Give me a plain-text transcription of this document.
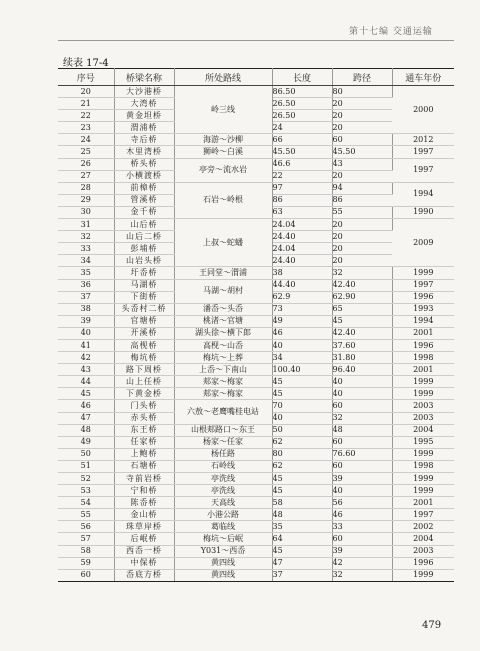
第十七编 交通运输
续表 17-4
序号	桥梁名称	所处路线	长度	跨径	通车年份
20	大沙港桥	岭三线	86.50	80	2000
21	大湾桥		26.50	20	
22	黄金坦桥		26.50	20	
23	渭浦桥		24	20	
24	寺后桥	海游～沙柳	66	60	2012
25	木里湾桥	狮岭～白溪	45.50	45.50	1997
26	桥头桥	亭旁～流水岩	46.6	43	1997
27	小横渡桥		22	20	
28	前樟桥	石岩～岭根	97	94	1994
29	管溪桥		86	86	
30	金千桥		63	55	1990
31	山后桥	上叔～蛇蟠	24.04	20	2009
32	山后二桥		24.40	20	
33	彭埔桥		24.04	20	
34	山岩头桥		24.40	20	
35	圩岙桥	王同堂～渭浦	38	32	1999
36	马湖桥	马湖～胡村	44.40	42.40	1997
37	下街桥		62.9	62.90	1996
38	头岙村二桥	潘岙～头岙	73	65	1993
39	官塘桥	桃渚～官塘	49	45	1994
40	开溪桥	湖头徐～横下郎	46	42.40	2001
41	高枧桥	高枧～山岙	40	37.60	1996
42	梅坑桥	梅坑～上葬	34	31.80	1998
43	路下周桥	上岙～下南山	100.40	96.40	2001
44	山上任桥	郏家～梅家	45	40	1999
45	下黄金桥	郏家～梅家	45	40	1999
46	门头桥	六敖～老鹰嘴桂电站	70	60	2003
47	赤头桥		40	32	2003
48	东王桥	山根郏路口～东王	50	48	2004
49	任家桥	杨家～任家	62	60	1995
50	上鲍桥	杨任路	80	76.60	1999
51	石塘桥	石岭线	62	60	1998
52	寺前岩桥	亭洗线	45	39	1999
53	宁和桥	亭洗线	45	40	1999
54	陈岙桥	天高线	58	56	2001
55	金山桥	小港公路	48	46	1997
56	珠草岸桥	葛临线	35	33	2002
57	后岷桥	梅坑～后岷	64	60	2004
58	西岙一桥	Y031～西岙	45	39	2003
59	中保桥	黄四线	47	42	1996
60	岙底方桥	黄四线	37	32	1999
479
